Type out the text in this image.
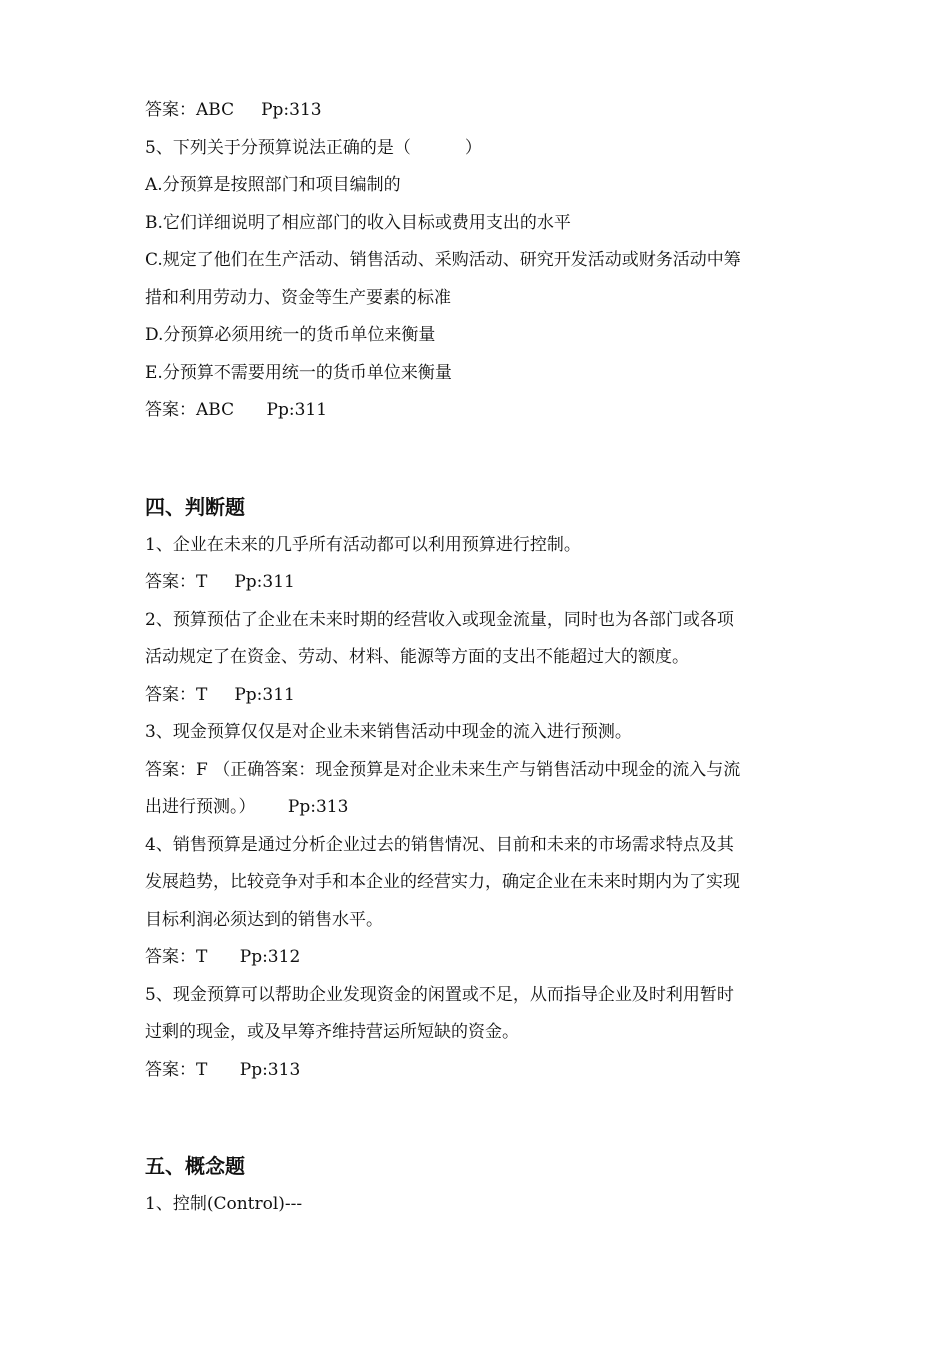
答案：ABC     Pp:313
5、下列关于分预算说法正确的是（          ）
A.分预算是按照部门和项目编制的
B.它们详细说明了相应部门的收入目标或费用支出的水平
C.规定了他们在生产活动、销售活动、采购活动、研究开发活动或财务活动中筹
措和利用劳动力、资金等生产要素的标准
D.分预算必须用统一的货币单位来衡量
E.分预算不需要用统一的货币单位来衡量
答案：ABC      Pp:311
四、判断题
1、企业在未来的几乎所有活动都可以利用预算进行控制。
答案：T     Pp:311
2、预算预估了企业在未来时期的经营收入或现金流量，同时也为各部门或各项
活动规定了在资金、劳动、材料、能源等方面的支出不能超过大的额度。
答案：T     Pp:311
3、现金预算仅仅是对企业未来销售活动中现金的流入进行预测。
答案：F （正确答案：现金预算是对企业未来生产与销售活动中现金的流入与流
出进行预测。）      Pp:313
4、销售预算是通过分析企业过去的销售情况、目前和未来的市场需求特点及其
发展趋势，比较竞争对手和本企业的经营实力，确定企业在未来时期内为了实现
目标利润必须达到的销售水平。
答案：T      Pp:312
5、现金预算可以帮助企业发现资金的闲置或不足，从而指导企业及时利用暂时
过剩的现金，或及早筹齐维持营运所短缺的资金。
答案：T      Pp:313
五、概念题
1、控制(Control)---
